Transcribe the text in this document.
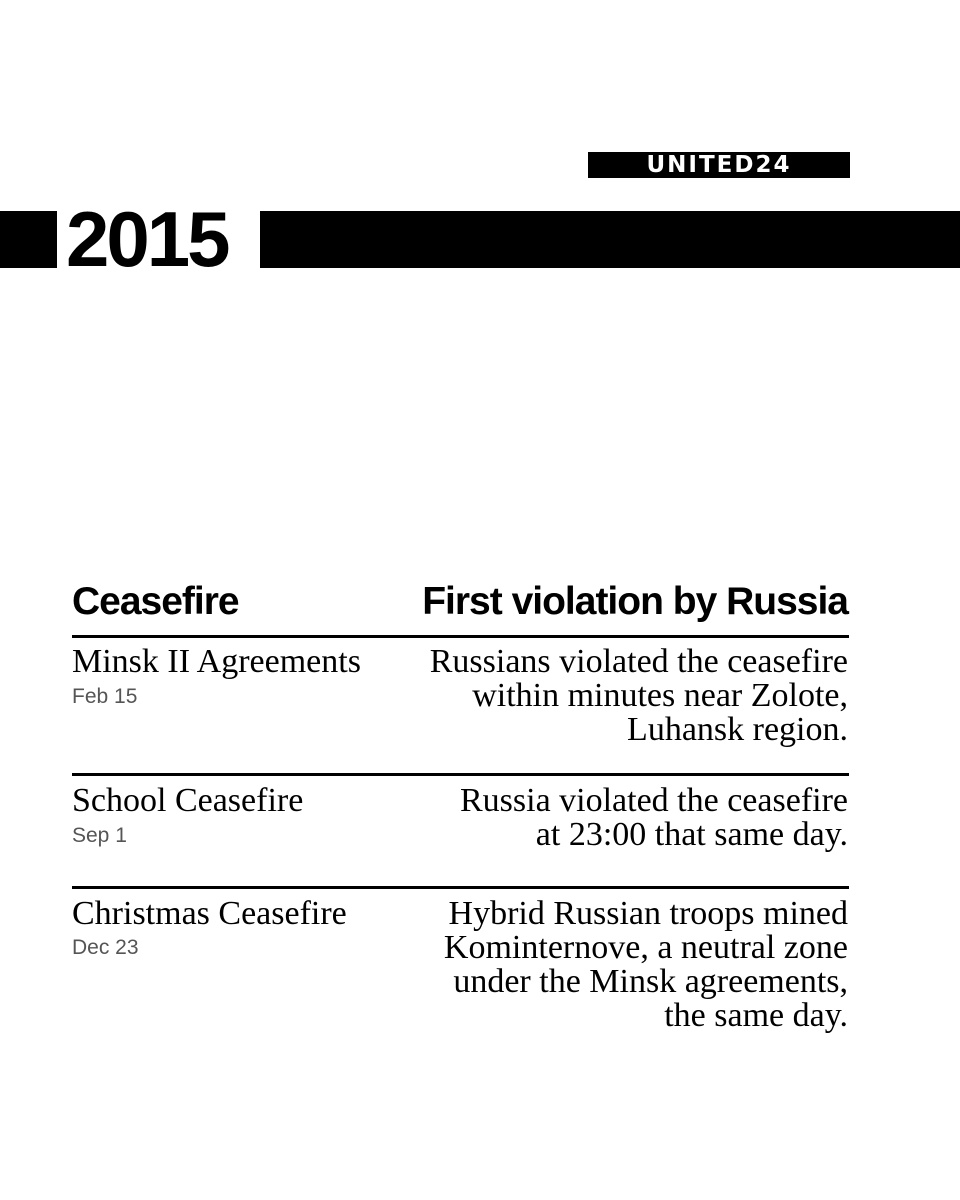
UNITED24
2015
Ceasefire	First violation by Russia
Minsk II Agreements
Feb 15
Russians violated the ceasefire
within minutes near Zolote,
Luhansk region.
School Ceasefire
Sep 1
Russia violated the ceasefire
at 23:00 that same day.
Christmas Ceasefire
Dec 23
Hybrid Russian troops mined
Kominternove, a neutral zone
under the Minsk agreements,
the same day.
